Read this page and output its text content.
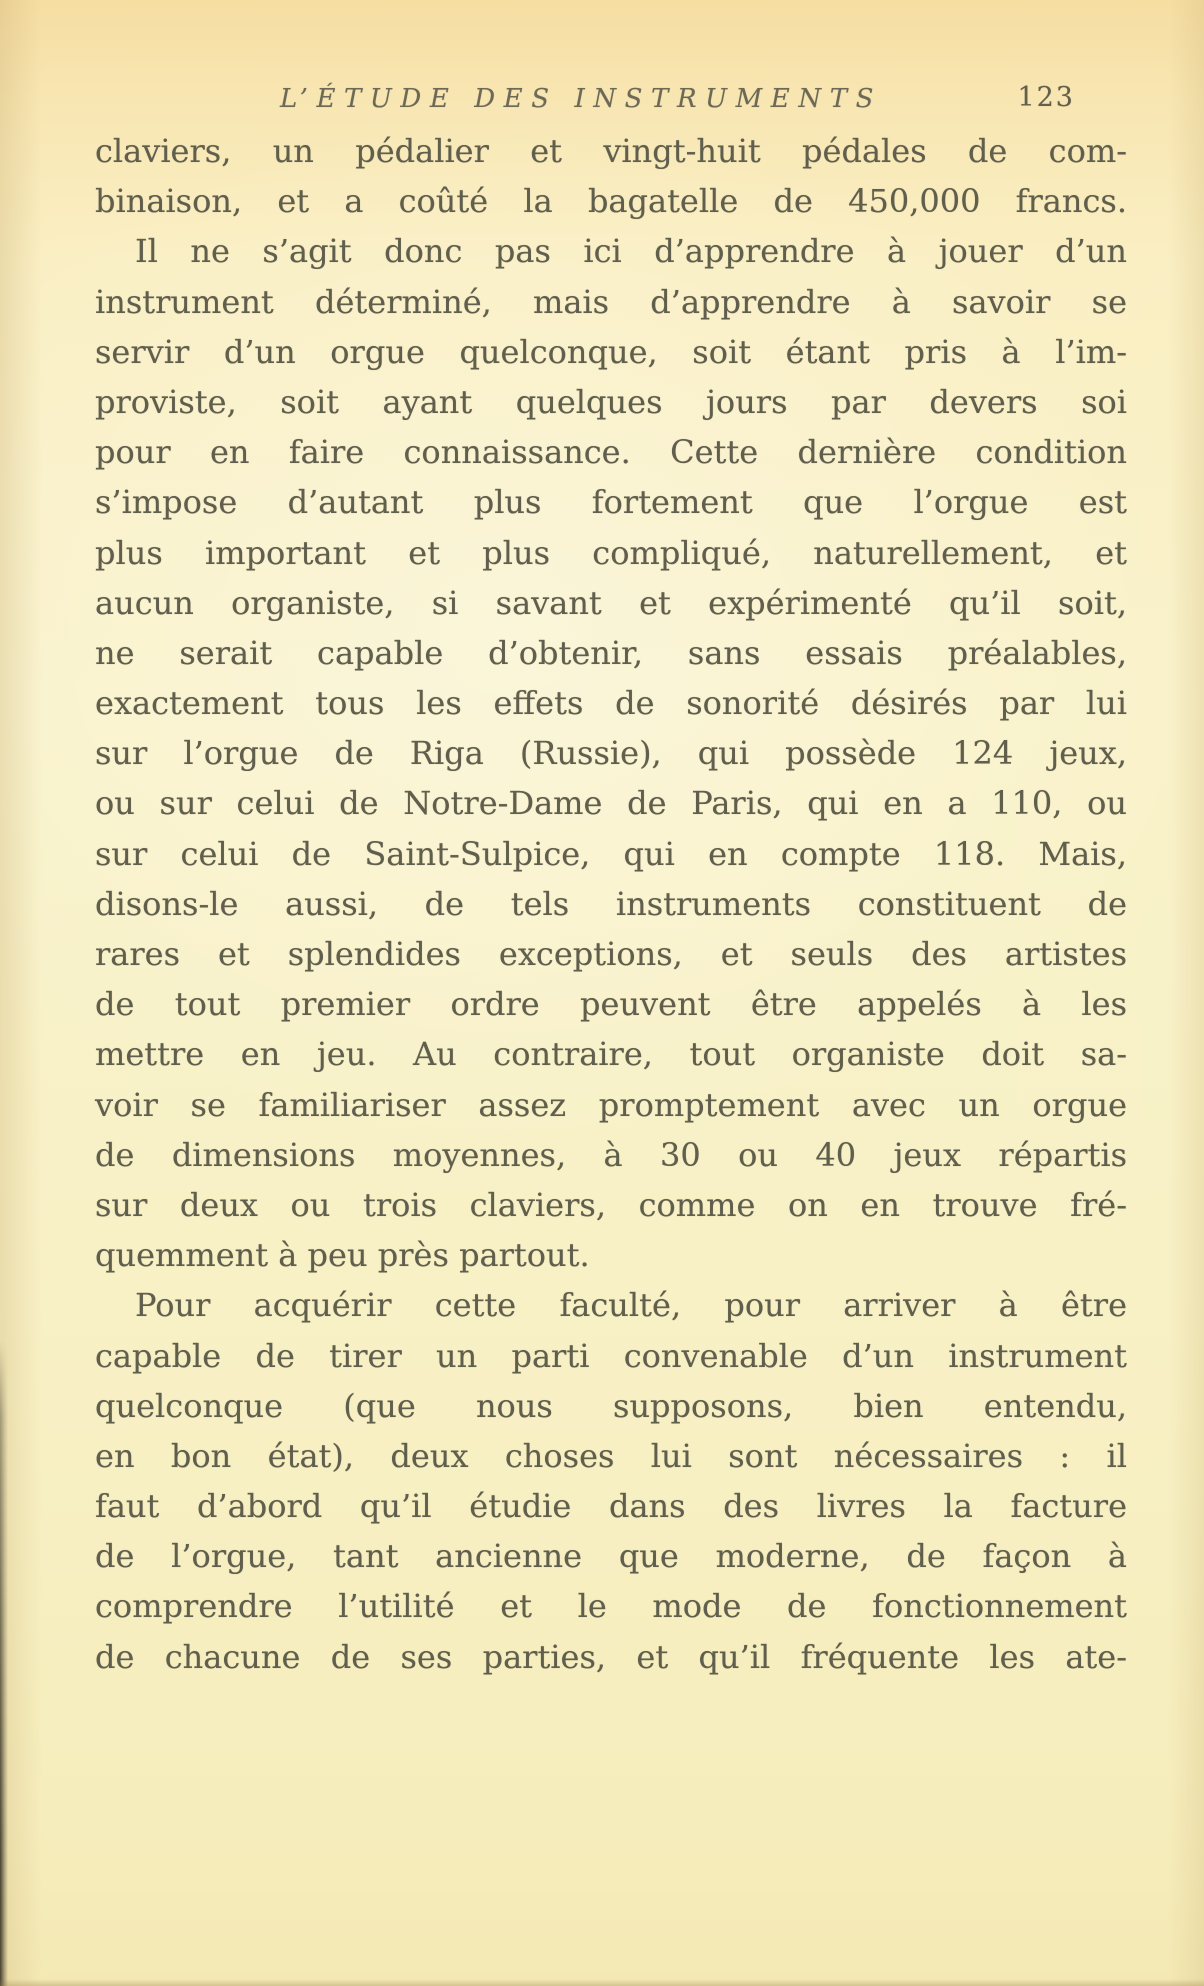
L’ÉTUDE DES INSTRUMENTS	123
claviers, un pédalier et vingt-huit pédales de com-
binaison, et a coûté la bagatelle de 450,000 francs.
Il ne s’agit donc pas ici d’apprendre à jouer d’un
instrument déterminé, mais d’apprendre à savoir se
servir d’un orgue quelconque, soit étant pris à l’im-
proviste, soit ayant quelques jours par devers soi
pour en faire connaissance. Cette dernière condition
s’impose d’autant plus fortement que l’orgue est
plus important et plus compliqué, naturellement, et
aucun organiste, si savant et expérimenté qu’il soit,
ne serait capable d’obtenir, sans essais préalables,
exactement tous les effets de sonorité désirés par lui
sur l’orgue de Riga (Russie), qui possède 124 jeux,
ou sur celui de Notre-Dame de Paris, qui en a 110, ou
sur celui de Saint-Sulpice, qui en compte 118. Mais,
disons-le aussi, de tels instruments constituent de
rares et splendides exceptions, et seuls des artistes
de tout premier ordre peuvent être appelés à les
mettre en jeu. Au contraire, tout organiste doit sa-
voir se familiariser assez promptement avec un orgue
de dimensions moyennes, à 30 ou 40 jeux répartis
sur deux ou trois claviers, comme on en trouve fré-
quemment à peu près partout.
Pour acquérir cette faculté, pour arriver à être
capable de tirer un parti convenable d’un instrument
quelconque (que nous supposons, bien entendu,
en bon état), deux choses lui sont nécessaires : il
faut d’abord qu’il étudie dans des livres la facture
de l’orgue, tant ancienne que moderne, de façon à
comprendre l’utilité et le mode de fonctionnement
de chacune de ses parties, et qu’il fréquente les ate-
